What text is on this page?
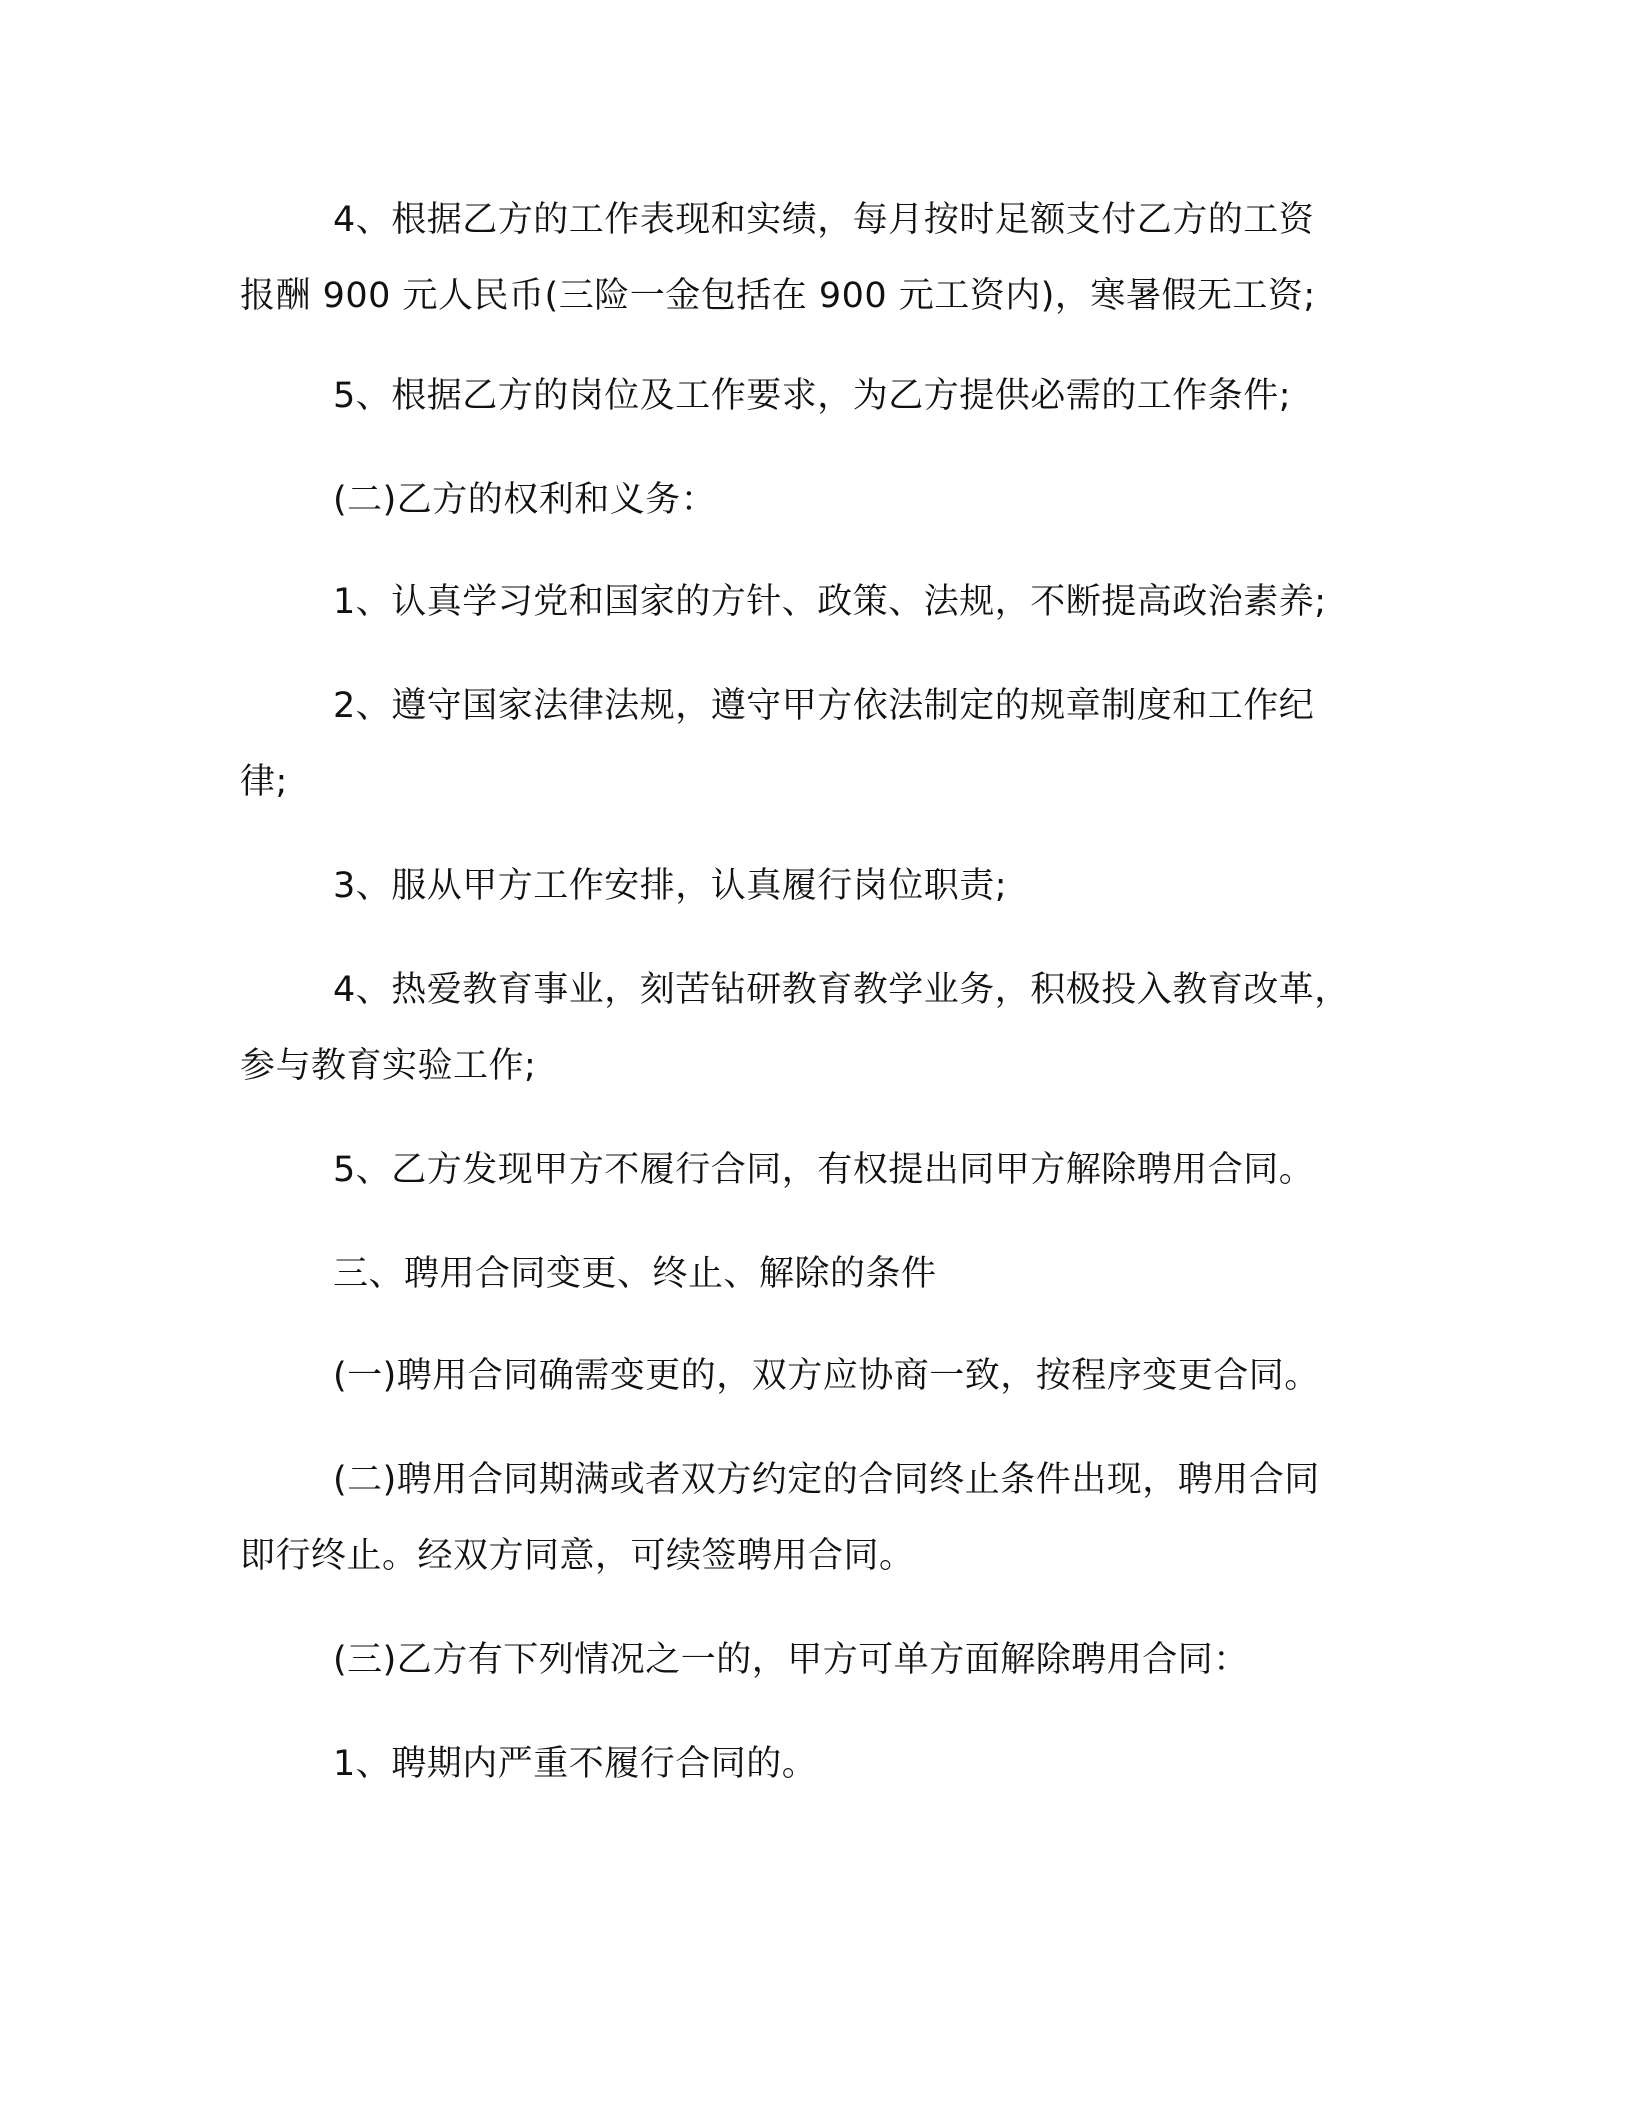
4、根据乙方的工作表现和实绩，每月按时足额支付乙方的工资
报酬 900 元人民币(三险一金包括在 900 元工资内)，寒暑假无工资;
5、根据乙方的岗位及工作要求，为乙方提供必需的工作条件;
(二)乙方的权利和义务：
1、认真学习党和国家的方针、政策、法规，不断提高政治素养;
2、遵守国家法律法规，遵守甲方依法制定的规章制度和工作纪
律;
3、服从甲方工作安排，认真履行岗位职责;
4、热爱教育事业，刻苦钻研教育教学业务，积极投入教育改革，
参与教育实验工作;
5、乙方发现甲方不履行合同，有权提出同甲方解除聘用合同。
三、聘用合同变更、终止、解除的条件
(一)聘用合同确需变更的，双方应协商一致，按程序变更合同。
(二)聘用合同期满或者双方约定的合同终止条件出现，聘用合同
即行终止。经双方同意，可续签聘用合同。
(三)乙方有下列情况之一的，甲方可单方面解除聘用合同：
1、聘期内严重不履行合同的。
